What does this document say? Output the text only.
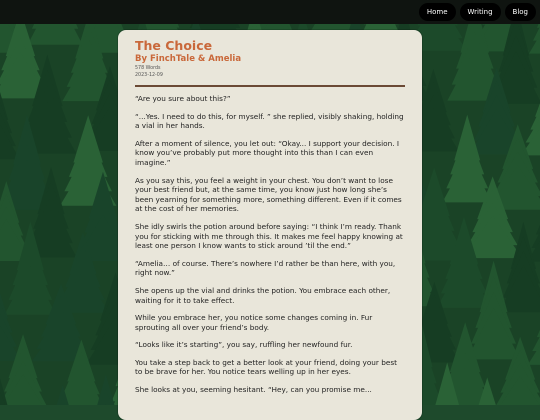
Home	Writing	Blog
The Choice
By FinchTale & Amelia
578 Words
2023-12-09

“Are you sure about this?”

“...Yes. I need to do this, for myself. ” she replied, visibly shaking, holding a vial in her hands.

After a moment of silence, you let out: “Okay... I support your decision. I know you’ve probably put more thought into this than I can even imagine.”

As you say this, you feel a weight in your chest. You don’t want to lose your best friend but, at the same time, you know just how long she’s been yearning for something more, something different. Even if it comes at the cost of her memories.

She idly swirls the potion around before saying: “I think I’m ready. Thank you for sticking with me through this. It makes me feel happy knowing at least one person I know wants to stick around ’til the end.”

“Amelia… of course. There’s nowhere I’d rather be than here, with you, right now.”

She opens up the vial and drinks the potion. You embrace each other, waiting for it to take effect.

While you embrace her, you notice some changes coming in. Fur sprouting all over your friend’s body.

“Looks like it’s starting”, you say, ruffling her newfound fur.

You take a step back to get a better look at your friend, doing your best to be brave for her. You notice tears welling up in her eyes.

She looks at you, seeming hesitant. “Hey, can you promise me...
